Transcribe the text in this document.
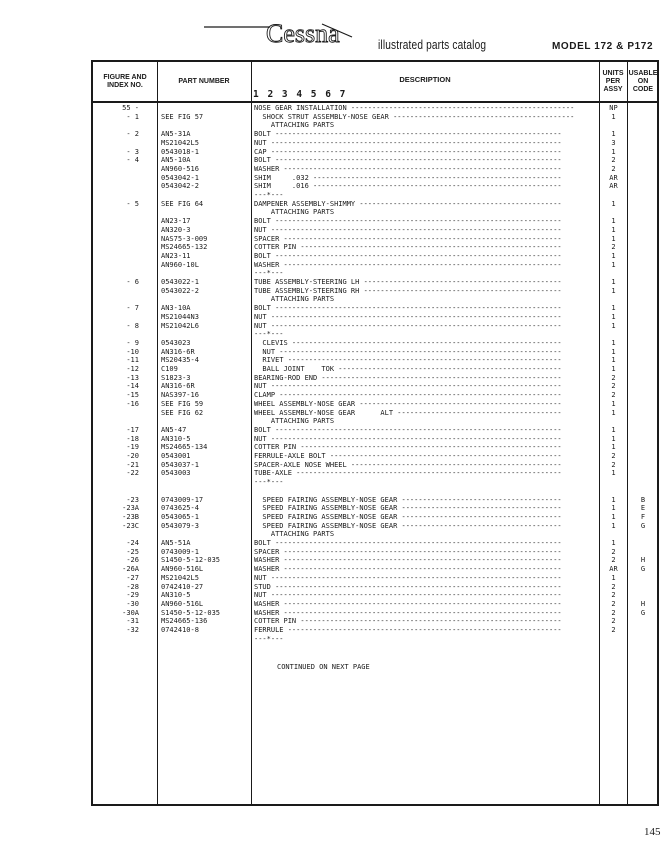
Cessna	illustrated parts catalog	MODEL 172 & P172
FIGURE AND INDEX NO.
PART NUMBER	DESCRIPTION
1 2 3 4 5 6 7
UNITS PER ASSY
USABLE ON CODE
55 -	NOSE GEAR INSTALLATION -----------------------------------------------------	NP
- 1	SEE FIG 57	SHOCK STRUT ASSEMBLY-NOSE GEAR -------------------------------------------	1
ATTACHING PARTS
- 2	AN5-31A	BOLT --------------------------------------------------------------------	1
MS21042L5	NUT ---------------------------------------------------------------------	3
- 3	0543018-1	CAP ---------------------------------------------------------------------	1
- 4	AN5-10A	BOLT --------------------------------------------------------------------	2
AN960-516	WASHER ------------------------------------------------------------------	2
0543042-1	SHIM     .032 -----------------------------------------------------------	AR
0543042-2	SHIM     .016 -----------------------------------------------------------	AR
---*---
- 5	SEE FIG 64	DAMPENER ASSEMBLY-SHIMMY ------------------------------------------------	1
ATTACHING PARTS
AN23-17	BOLT --------------------------------------------------------------------	1
AN320-3	NUT ---------------------------------------------------------------------	1
NAS75-3-009	SPACER ------------------------------------------------------------------	1
MS24665-132	COTTER PIN --------------------------------------------------------------	2
AN23-11	BOLT --------------------------------------------------------------------	1
AN960-10L	WASHER ------------------------------------------------------------------	1
---*---
- 6	0543022-1	TUBE ASSEMBLY-STEERING LH -----------------------------------------------	1
0543022-2	TUBE ASSEMBLY-STEERING RH -----------------------------------------------	1
ATTACHING PARTS
- 7	AN3-10A	BOLT --------------------------------------------------------------------	1
MS21044N3	NUT ---------------------------------------------------------------------	1
- 8	MS21042L6	NUT ---------------------------------------------------------------------	1
---*---
- 9	0543023	CLEVIS ----------------------------------------------------------------	1
-10	AN316-6R	NUT -------------------------------------------------------------------	1
-11	MS20435-4	RIVET -----------------------------------------------------------------	1
-12	C109	BALL JOINT    TOK -----------------------------------------------------	1
-13	S1823-3	BEARING-ROD END ---------------------------------------------------------	2
-14	AN316-6R	NUT ---------------------------------------------------------------------	2
-15	NAS397-16	CLAMP -------------------------------------------------------------------	2
-16	SEE FIG 59	WHEEL ASSEMBLY-NOSE GEAR ------------------------------------------------	1
SEE FIG 62	WHEEL ASSEMBLY-NOSE GEAR      ALT ---------------------------------------	1
ATTACHING PARTS
-17	AN5-47	BOLT --------------------------------------------------------------------	1
-18	AN310-5	NUT ---------------------------------------------------------------------	1
-19	MS24665-134	COTTER PIN --------------------------------------------------------------	1
-20	0543001	FERRULE-AXLE BOLT -------------------------------------------------------	2
-21	0543037-1	SPACER-AXLE NOSE WHEEL --------------------------------------------------	2
-22	0543003	TUBE-AXLE ---------------------------------------------------------------	1
---*---
-23	0743009-17	SPEED FAIRING ASSEMBLY-NOSE GEAR --------------------------------------	1	B
-23A	0743625-4	SPEED FAIRING ASSEMBLY-NOSE GEAR --------------------------------------	1	E
-23B	0543065-1	SPEED FAIRING ASSEMBLY-NOSE GEAR --------------------------------------	1	F
-23C	0543079-3	SPEED FAIRING ASSEMBLY-NOSE GEAR --------------------------------------	1	G
ATTACHING PARTS
-24	AN5-51A	BOLT --------------------------------------------------------------------	1
-25	0743009-1	SPACER ------------------------------------------------------------------	2
-26	S1450-5-12-035	WASHER ------------------------------------------------------------------	2	H
-26A	AN960-516L	WASHER ------------------------------------------------------------------	AR	G
-27	MS21042L5	NUT ---------------------------------------------------------------------	1
-28	0742410-27	STUD --------------------------------------------------------------------	2
-29	AN310-5	NUT ---------------------------------------------------------------------	2
-30	AN960-516L	WASHER ------------------------------------------------------------------	2	H
-30A	S1450-5-12-035	WASHER ------------------------------------------------------------------	2	G
-31	MS24665-136	COTTER PIN --------------------------------------------------------------	2
-32	0742410-8	FERRULE -----------------------------------------------------------------	2
---*---
CONTINUED ON NEXT PAGE
145
